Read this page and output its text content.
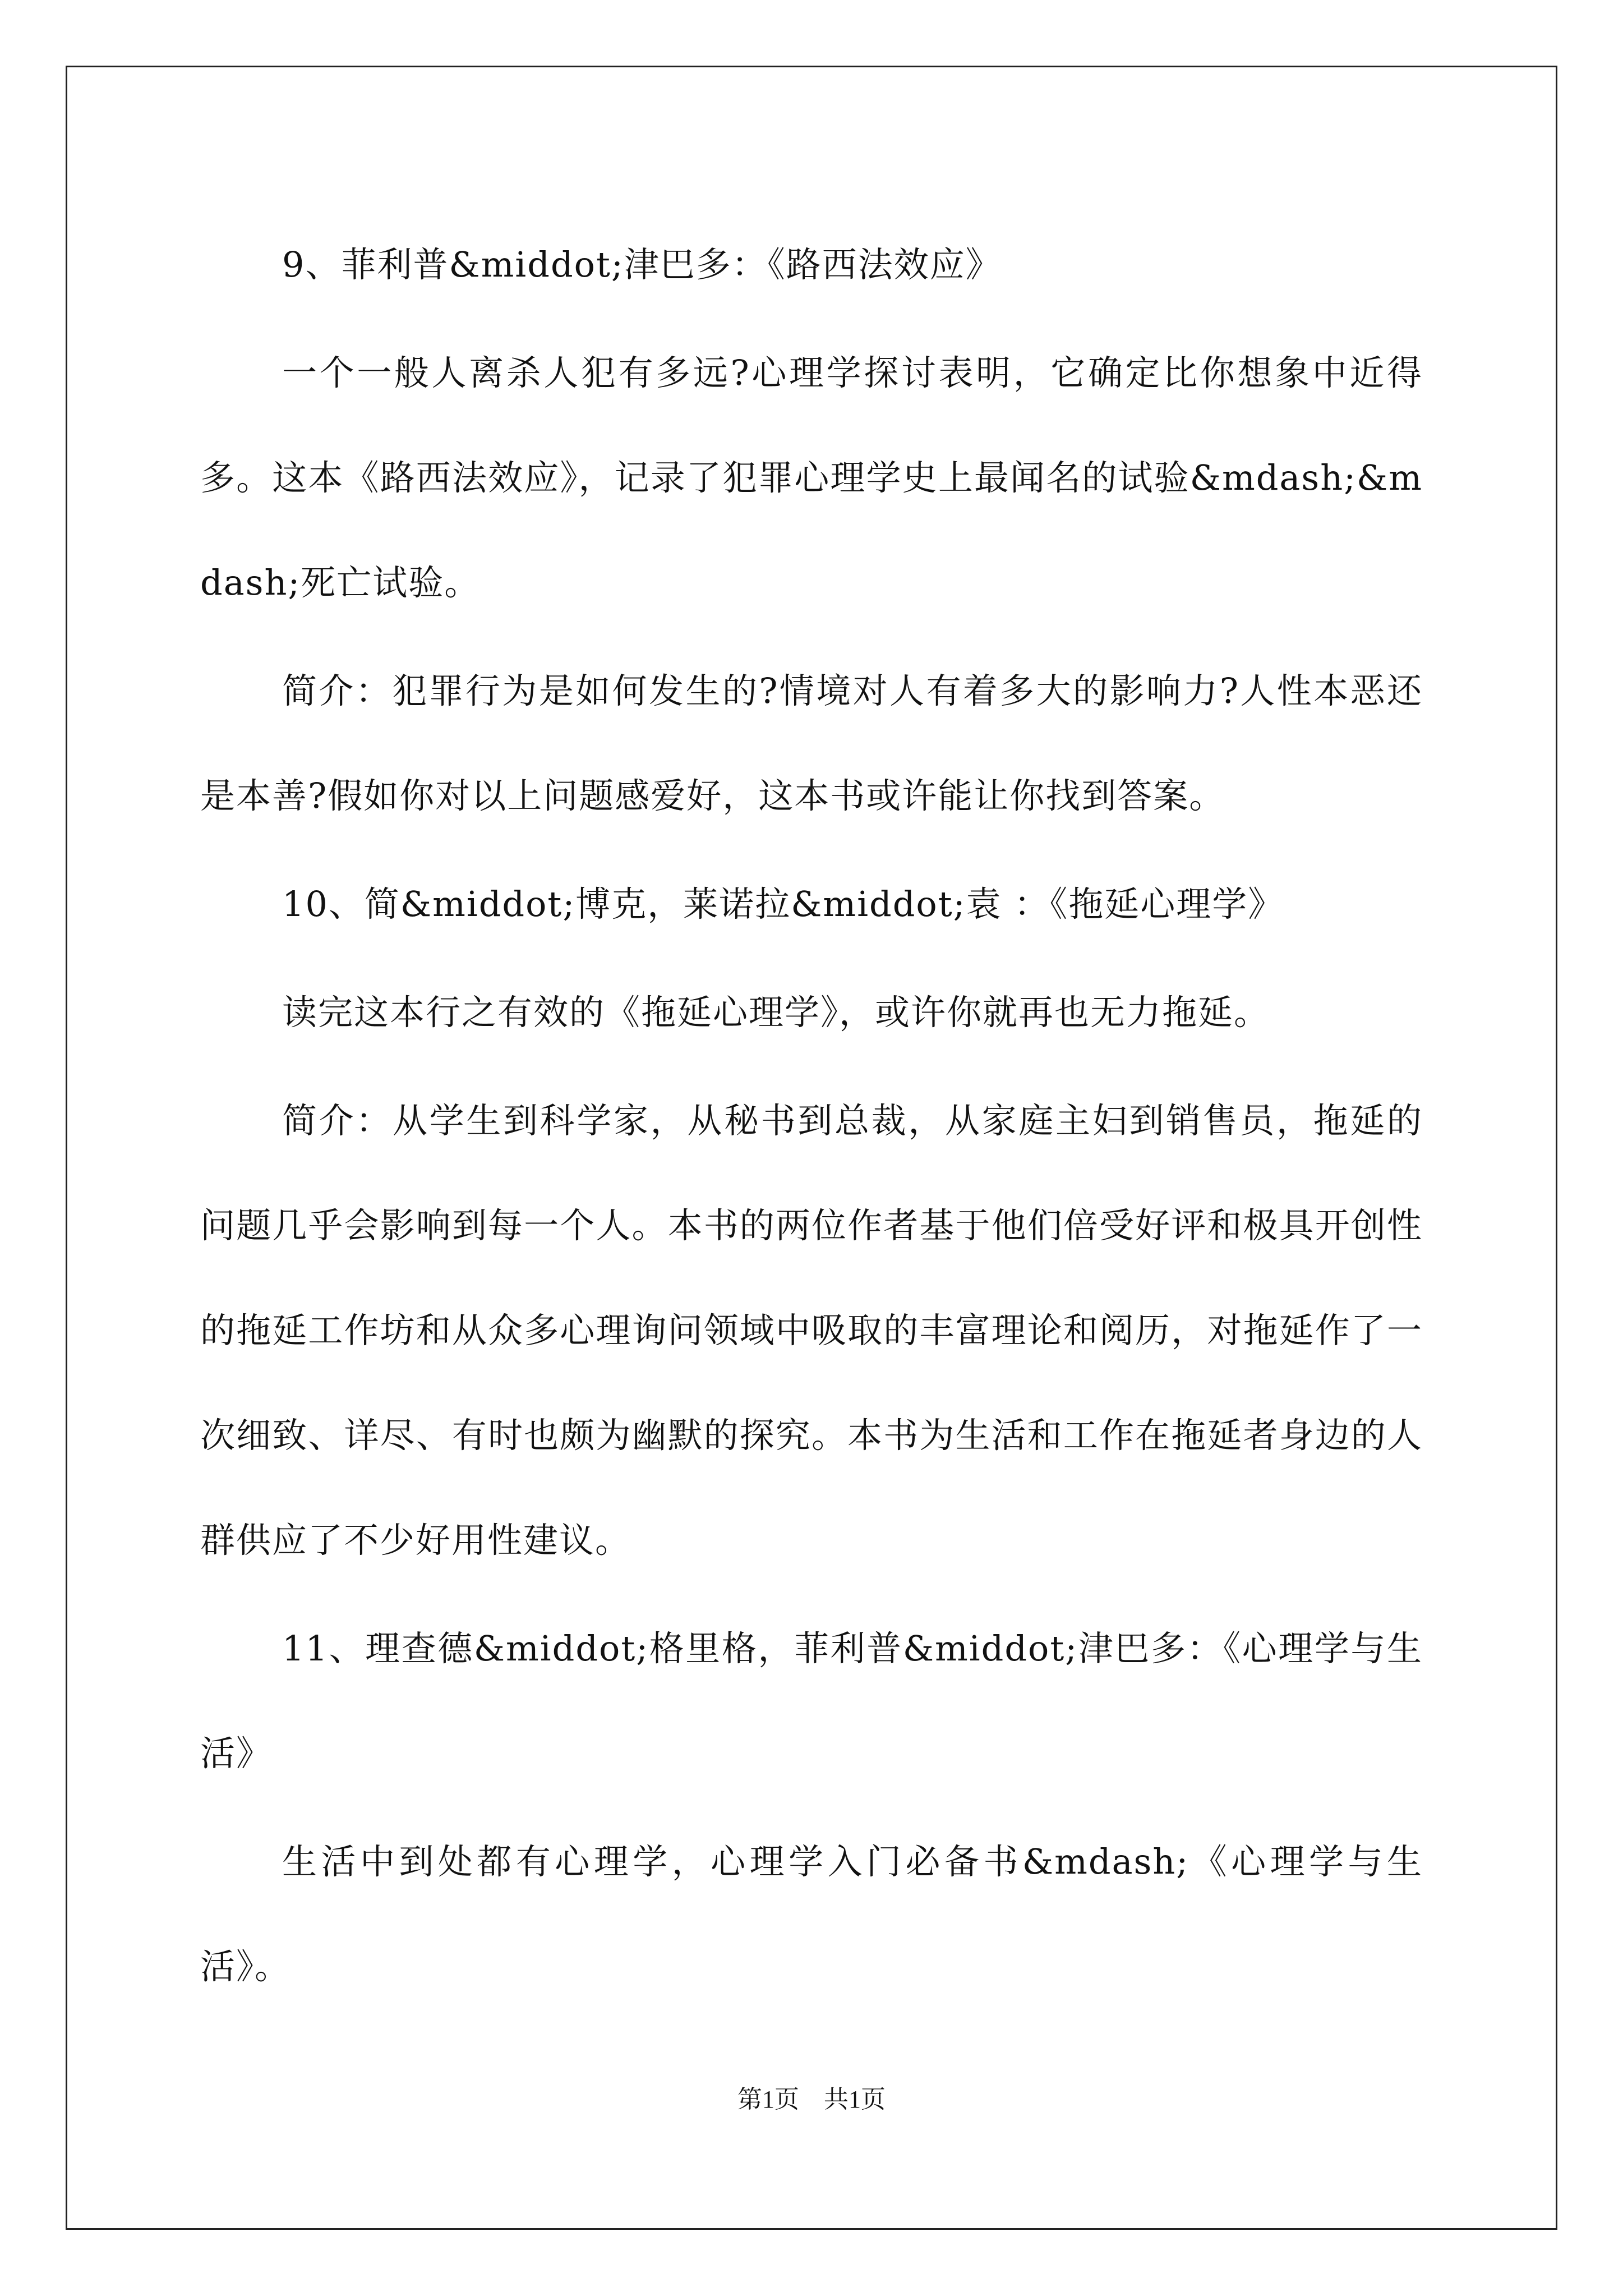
9、菲利普&middot;津巴多：《路西法效应》

一个一般人离杀人犯有多远?心理学探讨表明，它确定比你想象中近得多。这本《路西法效应》，记录了犯罪心理学史上最闻名的试验&mdash;&mdash;死亡试验。

简介：犯罪行为是如何发生的?情境对人有着多大的影响力?人性本恶还是本善?假如你对以上问题感爱好，这本书或许能让你找到答案。

10、简&middot;博克，莱诺拉&middot;袁 ：《拖延心理学》

读完这本行之有效的《拖延心理学》，或许你就再也无力拖延。

简介：从学生到科学家，从秘书到总裁，从家庭主妇到销售员，拖延的问题几乎会影响到每一个人。本书的两位作者基于他们倍受好评和极具开创性的拖延工作坊和从众多心理询问领域中吸取的丰富理论和阅历，对拖延作了一次细致、详尽、有时也颇为幽默的探究。本书为生活和工作在拖延者身边的人群供应了不少好用性建议。

11、理查德&middot;格里格，菲利普&middot;津巴多：《心理学与生活》

生活中到处都有心理学，心理学入门必备书&mdash;《心理学与生活》。

第1页 共1页
